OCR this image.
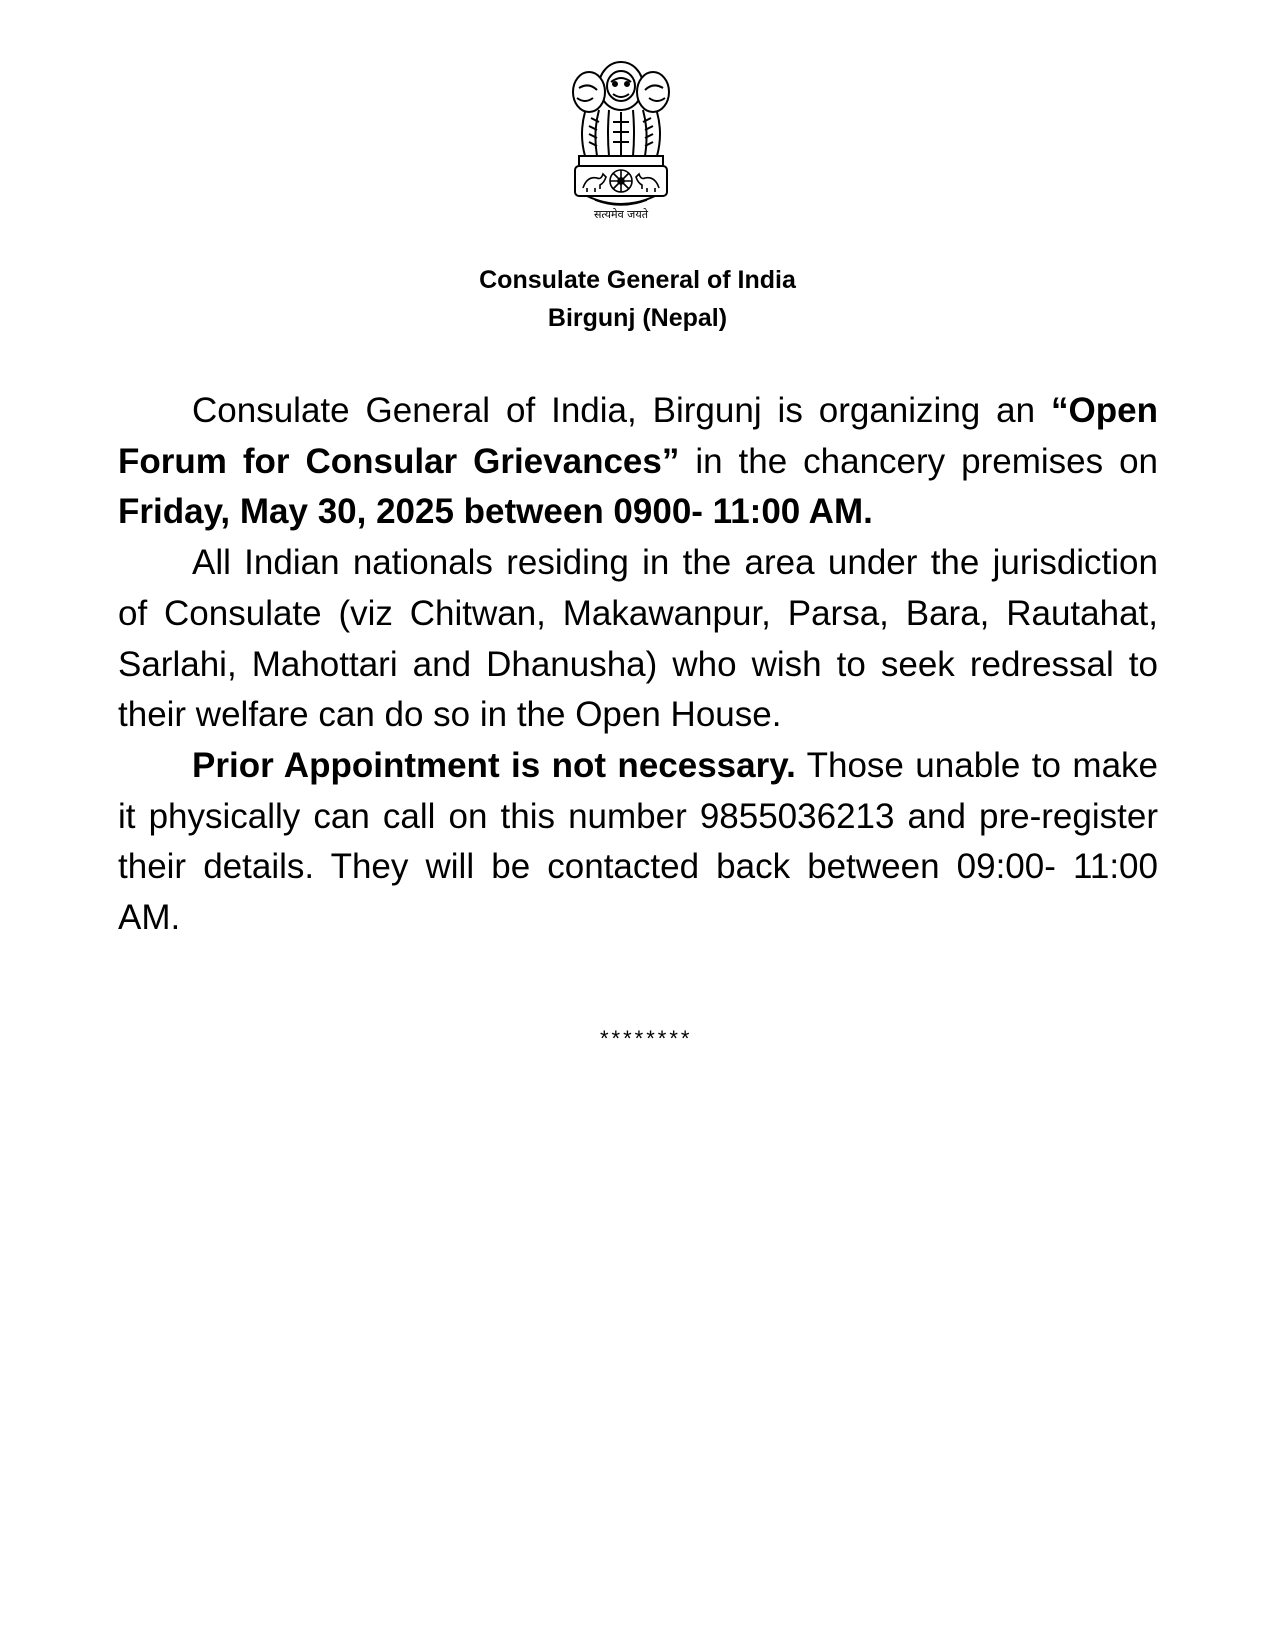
सत्यमेव जयते
Consulate General of India
Birgunj (Nepal)

Consulate General of India, Birgunj is organizing an “Open Forum for Consular Grievances” in the chancery premises on Friday, May 30, 2025 between 0900- 11:00 AM.

All Indian nationals residing in the area under the jurisdiction of Consulate (viz Chitwan, Makawanpur, Parsa, Bara, Rautahat, Sarlahi, Mahottari and Dhanusha) who wish to seek redressal to their welfare can do so in the Open House.

Prior Appointment is not necessary. Those unable to make it physically can call on this number 9855036213 and pre-register their details. They will be contacted back between 09:00- 11:00 AM.

********
